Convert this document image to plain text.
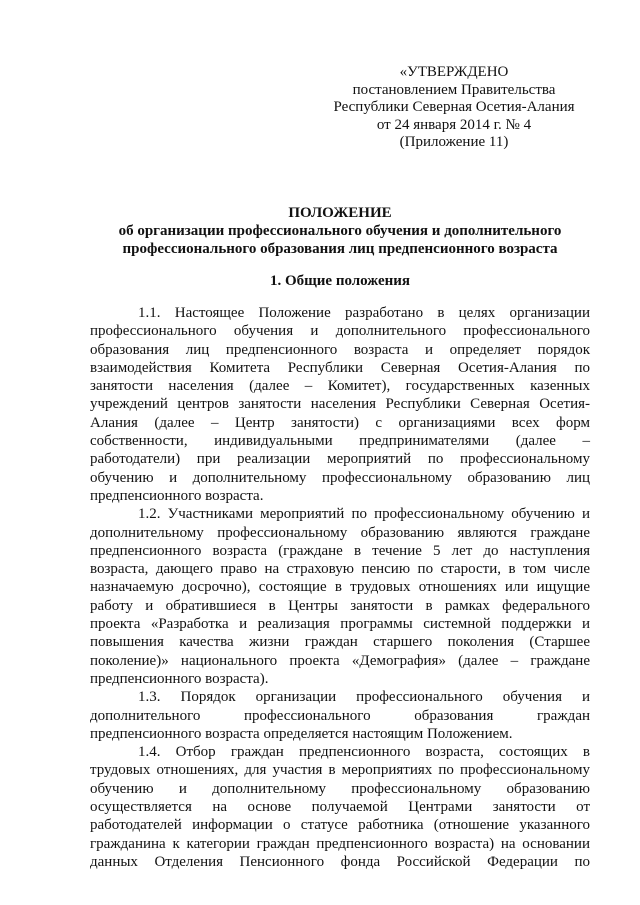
«УТВЕРЖДЕНО
постановлением Правительства
Республики Северная Осетия-Алания
от 24 января 2014 г. № 4
(Приложение 11)
ПОЛОЖЕНИЕ
об организации профессионального обучения и дополнительного
профессионального образования лиц предпенсионного возраста
1. Общие положения
1.1. Настоящее Положение разработано в целях организации
профессионального обучения и дополнительного профессионального
образования лиц предпенсионного возраста и определяет порядок
взаимодействия Комитета Республики Северная Осетия-Алания по
занятости населения (далее – Комитет), государственных казенных
учреждений центров занятости населения Республики Северная Осетия-
Алания (далее – Центр занятости) с организациями всех форм
собственности, индивидуальными предпринимателями (далее –
работодатели) при реализации мероприятий по профессиональному
обучению и дополнительному профессиональному образованию лиц
предпенсионного возраста.
1.2. Участниками мероприятий по профессиональному обучению и
дополнительному профессиональному образованию являются граждане
предпенсионного возраста (граждане в течение 5 лет до наступления
возраста, дающего право на страховую пенсию по старости, в том числе
назначаемую досрочно), состоящие в трудовых отношениях или ищущие
работу и обратившиеся в Центры занятости в рамках федерального
проекта «Разработка и реализация программы системной поддержки и
повышения качества жизни граждан старшего поколения (Старшее
поколение)» национального проекта «Демография» (далее – граждане
предпенсионного возраста).
1.3. Порядок организации профессионального обучения и
дополнительного профессионального образования граждан
предпенсионного возраста определяется настоящим Положением.
1.4. Отбор граждан предпенсионного возраста, состоящих в
трудовых отношениях, для участия в мероприятиях по профессиональному
обучению и дополнительному профессиональному образованию
осуществляется на основе получаемой Центрами занятости от
работодателей информации о статусе работника (отношение указанного
гражданина к категории граждан предпенсионного возраста) на основании
данных Отделения Пенсионного фонда Российской Федерации по
